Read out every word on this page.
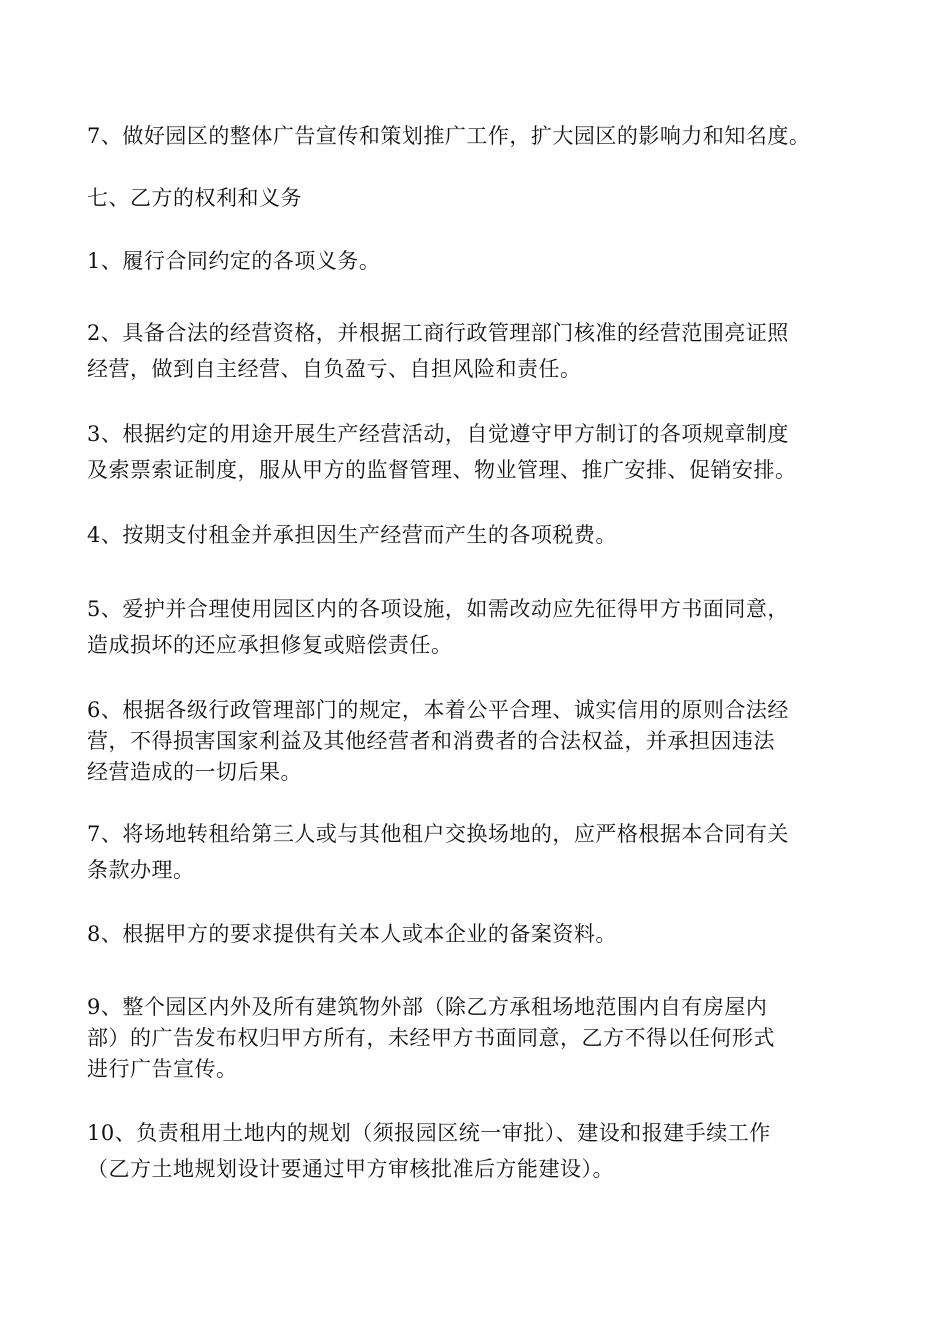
7、做好园区的整体广告宣传和策划推广工作，扩大园区的影响力和知名度。

七、乙方的权利和义务

1、履行合同约定的各项义务。

2、具备合法的经营资格，并根据工商行政管理部门核准的经营范围亮证照
经营，做到自主经营、自负盈亏、自担风险和责任。

3、根据约定的用途开展生产经营活动，自觉遵守甲方制订的各项规章制度
及索票索证制度，服从甲方的监督管理、物业管理、推广安排、促销安排。

4、按期支付租金并承担因生产经营而产生的各项税费。

5、爱护并合理使用园区内的各项设施，如需改动应先征得甲方书面同意，
造成损坏的还应承担修复或赔偿责任。

6、根据各级行政管理部门的规定，本着公平合理、诚实信用的原则合法经
营，不得损害国家利益及其他经营者和消费者的合法权益，并承担因违法
经营造成的一切后果。

7、将场地转租给第三人或与其他租户交换场地的，应严格根据本合同有关
条款办理。

8、根据甲方的要求提供有关本人或本企业的备案资料。

9、整个园区内外及所有建筑物外部（除乙方承租场地范围内自有房屋内
部）的广告发布权归甲方所有，未经甲方书面同意，乙方不得以任何形式
进行广告宣传。

10、负责租用土地内的规划（须报园区统一审批）、建设和报建手续工作
（乙方土地规划设计要通过甲方审核批准后方能建设）。
